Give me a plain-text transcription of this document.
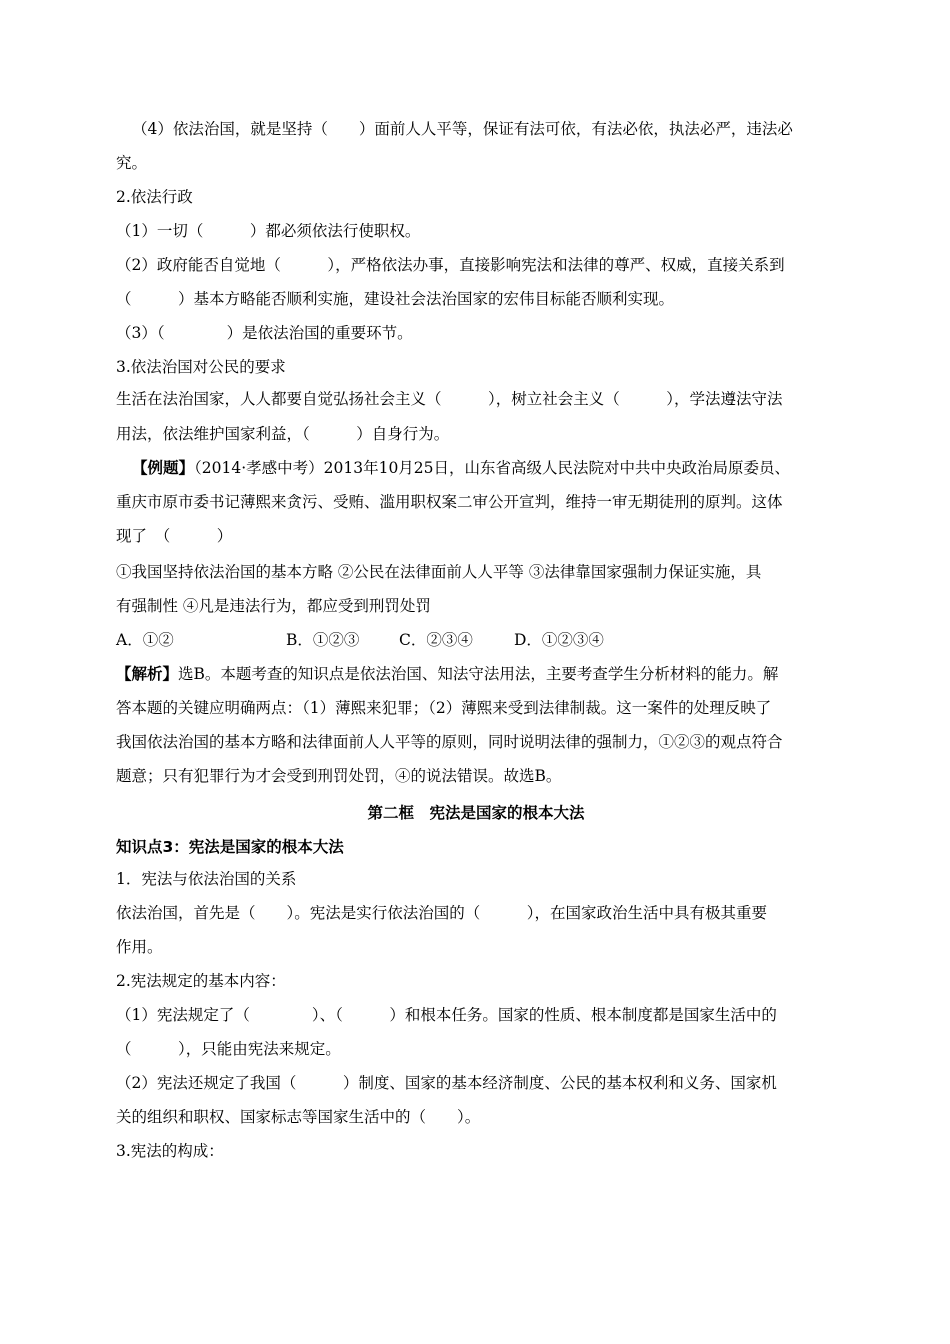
（4）依法治国，就是坚持（　　）面前人人平等，保证有法可依，有法必依，执法必严，违法必
究。
2.依法行政
（1）一切（　　　）都必须依法行使职权。
（2）政府能否自觉地（　　　），严格依法办事，直接影响宪法和法律的尊严、权威，直接关系到
（　　　）基本方略能否顺利实施，建设社会法治国家的宏伟目标能否顺利实现。
（3）（　　　　）是依法治国的重要环节。
3.依法治国对公民的要求
生活在法治国家，人人都要自觉弘扬社会主义（　　　），树立社会主义（　　　），学法遵法守法
用法，依法维护国家利益，（　　　）自身行为。
【例题】（2014·孝感中考）2013年10月25日，山东省高级人民法院对中共中央政治局原委员、
重庆市原市委书记薄熙来贪污、受贿、滥用职权案二审公开宣判，维持一审无期徒刑的原判。这体
现了　（　　　）
①我国坚持依法治国的基本方略 ②公民在法律面前人人平等 ③法律靠国家强制力保证实施，具
有强制性 ④凡是违法行为，都应受到刑罚处罚
A．①②	B．①②③	C．②③④	D．①②③④
【解析】选B。本题考查的知识点是依法治国、知法守法用法，主要考查学生分析材料的能力。解
答本题的关键应明确两点：（1）薄熙来犯罪；（2）薄熙来受到法律制裁。这一案件的处理反映了
我国依法治国的基本方略和法律面前人人平等的原则，同时说明法律的强制力，①②③的观点符合
题意；只有犯罪行为才会受到刑罚处罚，④的说法错误。故选B。
第二框　宪法是国家的根本大法
知识点3：宪法是国家的根本大法
1．宪法与依法治国的关系
依法治国，首先是（　　）。宪法是实行依法治国的（　　　），在国家政治生活中具有极其重要
作用。
2.宪法规定的基本内容：
（1）宪法规定了（　　　　）、（　　　）和根本任务。国家的性质、根本制度都是国家生活中的
（　　　），只能由宪法来规定。
（2）宪法还规定了我国（　　　）制度、国家的基本经济制度、公民的基本权利和义务、国家机
关的组织和职权、国家标志等国家生活中的（　　）。
3.宪法的构成：
